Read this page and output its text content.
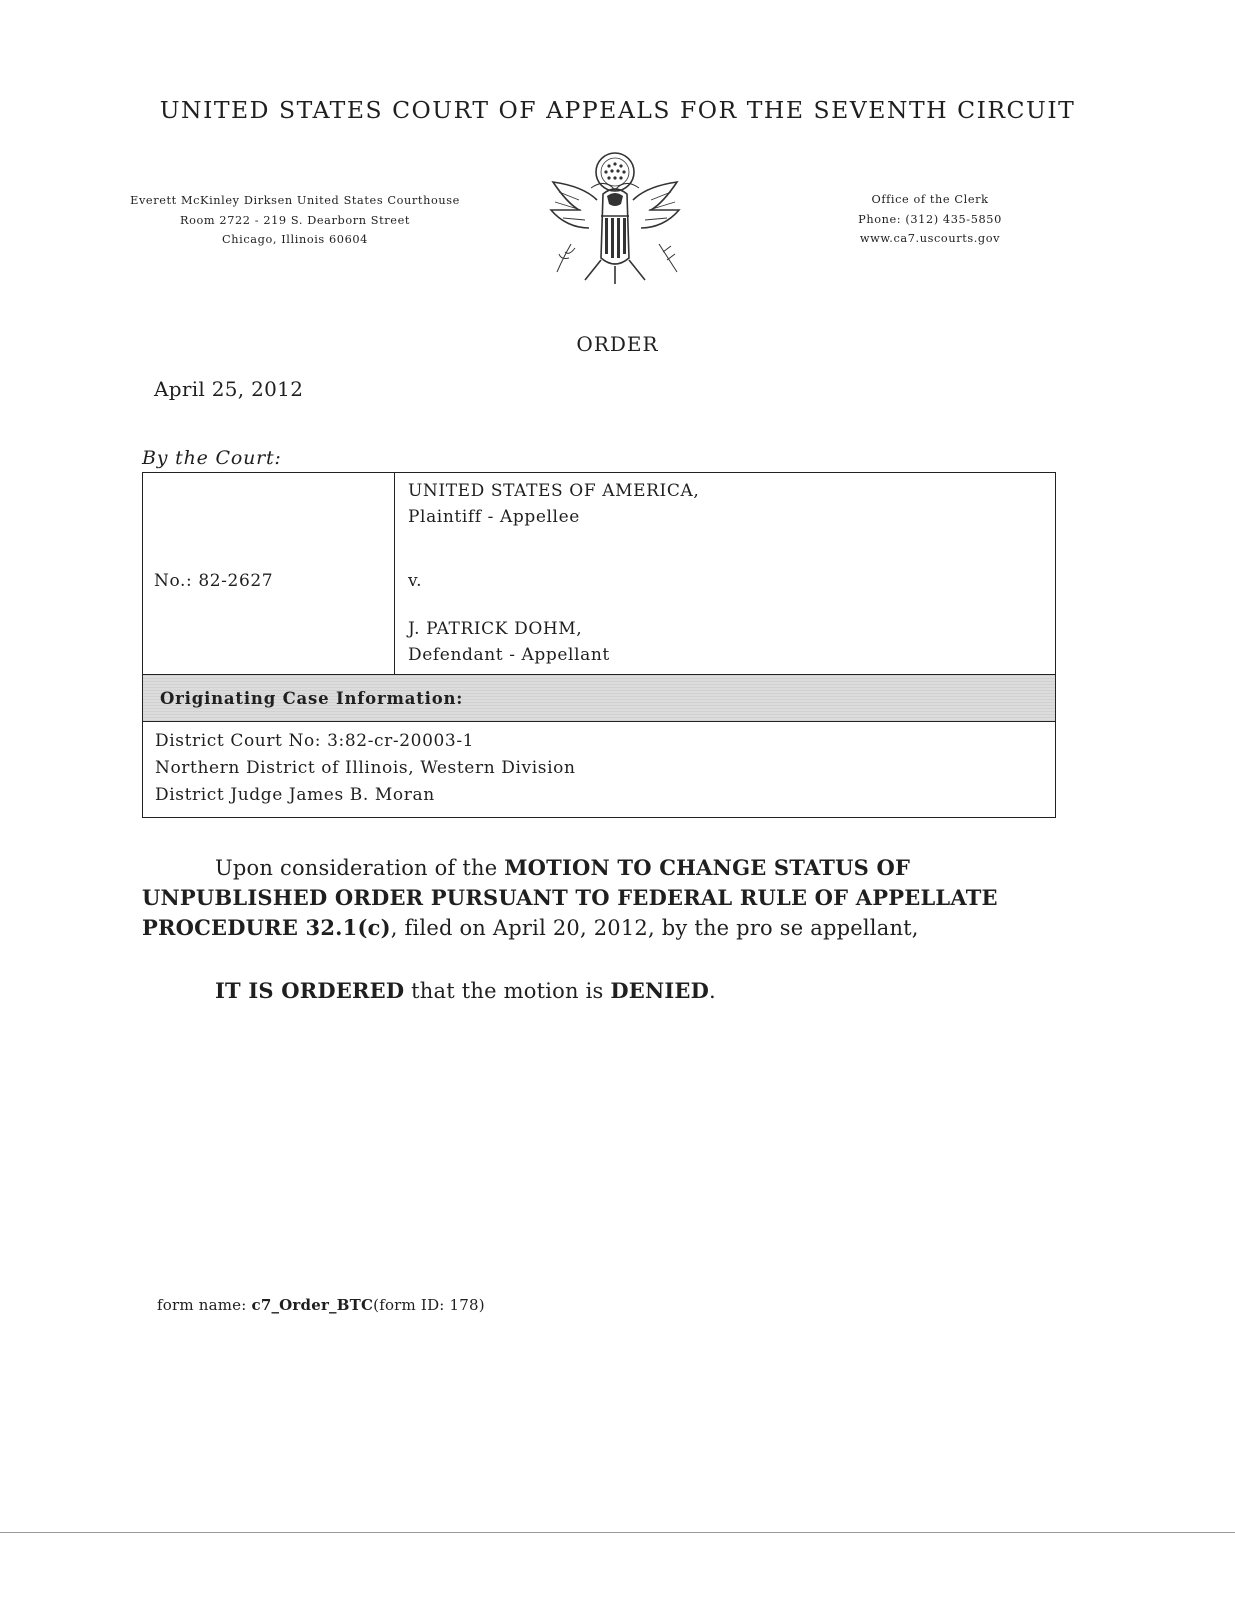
UNITED STATES COURT OF APPEALS FOR THE SEVENTH CIRCUIT
Everett McKinley Dirksen United States Courthouse
Room 2722 - 219 S. Dearborn Street
Chicago, Illinois 60604
Office of the Clerk
Phone: (312) 435-5850
www.ca7.uscourts.gov
ORDER
April 25, 2012
By the Court:
No.: 82-2627
UNITED STATES OF AMERICA,
Plaintiff - Appellee
v.
J. PATRICK DOHM,
Defendant - Appellant
Originating Case Information:
District Court No: 3:82-cr-20003-1
Northern District of Illinois, Western Division
District Judge James B. Moran
Upon consideration of the MOTION TO CHANGE STATUS OF UNPUBLISHED ORDER PURSUANT TO FEDERAL RULE OF APPELLATE PROCEDURE 32.1(c), filed on April 20, 2012, by the pro se appellant,
IT IS ORDERED that the motion is DENIED.
form name: c7_Order_BTC(form ID: 178)
